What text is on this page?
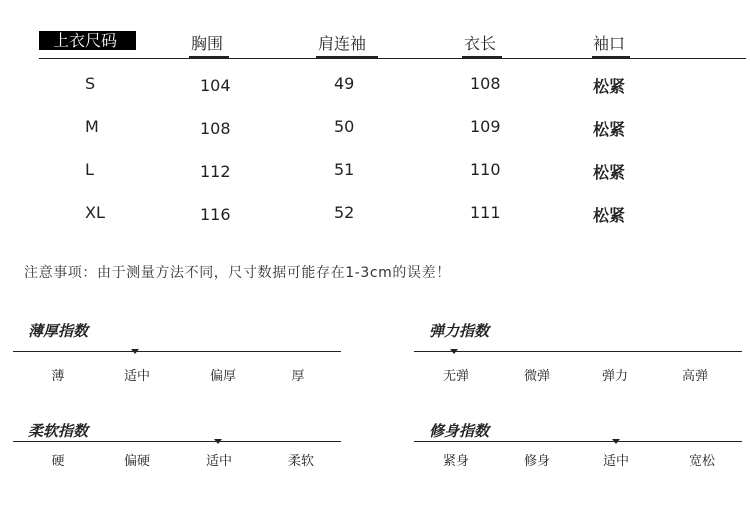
上衣尺码	胸围	肩连袖	衣长	袖口
S	104	49	108	松紧
M	108	50	109	松紧
L	112	51	110	松紧
XL	116	52	111	松紧
注意事项：由于测量方法不同，尺寸数据可能存在1-3cm的误差！
薄厚指数
薄	适中	偏厚	厚
弹力指数
无弹	微弹	弹力	高弹
柔软指数
硬	偏硬	适中	柔软
修身指数
紧身	修身	适中	宽松
